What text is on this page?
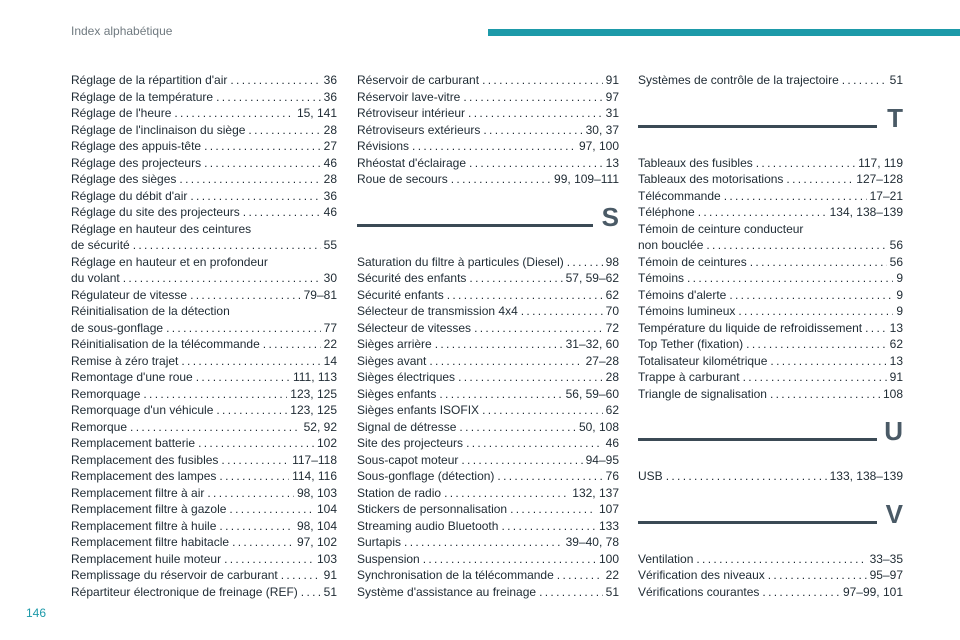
Index alphabétique
Réglage de la répartition d'air . . .	36
Réglage de la température . . .	36
Réglage de l'heure . . .	15, 141
Réglage de l'inclinaison du siège . . .	28
Réglage des appuis-tête . . .	27
Réglage des projecteurs . . .	46
Réglage des sièges . . .	28
Réglage du débit d'air . . .	36
Réglage du site des projecteurs . . .	46
Réglage en hauteur des ceintures
de sécurité . . .	55
Réglage en hauteur et en profondeur
du volant . . .	30
Régulateur de vitesse . . .	79–81
Réinitialisation de la détection
de sous-gonflage . . .	77
Réinitialisation de la télécommande . . .	22
Remise à zéro trajet . . .	14
Remontage d'une roue . . .	111, 113
Remorquage . . .	123, 125
Remorquage d'un véhicule . . .	123, 125
Remorque . . .	52, 92
Remplacement batterie . . .	102
Remplacement des fusibles . . .	117–118
Remplacement des lampes . . .	114, 116
Remplacement filtre à air . . .	98, 103
Remplacement filtre à gazole . . .	104
Remplacement filtre à huile . . .	98, 104
Remplacement filtre habitacle . . .	97, 102
Remplacement huile moteur . . .	103
Remplissage du réservoir de carburant . . .	91
Répartiteur électronique de freinage (REF) . . . 51
Réservoir de carburant . . .	91
Réservoir lave-vitre . . .	97
Rétroviseur intérieur . . .	31
Rétroviseurs extérieurs . . .	30, 37
Révisions . . .	97, 100
Rhéostat d'éclairage . . .	13
Roue de secours . . .	99, 109–111
S
Saturation du filtre à particules (Diesel) . . .	98
Sécurité des enfants . . .	57, 59–62
Sécurité enfants . . .	62
Sélecteur de transmission 4x4 . . .	70
Sélecteur de vitesses . . .	72
Sièges arrière . . .	31–32, 60
Sièges avant . . .	27–28
Sièges électriques . . .	28
Sièges enfants . . .	56, 59–60
Sièges enfants ISOFIX . . .	62
Signal de détresse . . .	50, 108
Site des projecteurs . . .	46
Sous-capot moteur . . .	94–95
Sous-gonflage (détection) . . .	76
Station de radio . . .	132, 137
Stickers de personnalisation . . .	107
Streaming audio Bluetooth . . .	133
Surtapis . . .	39–40, 78
Suspension . . .	100
Synchronisation de la télécommande . . .	22
Système d'assistance au freinage . . .	51
Systèmes de contrôle de la trajectoire . . .	51
T
Tableaux des fusibles . . .	117, 119
Tableaux des motorisations . . .	127–128
Télécommande . . .	17–21
Téléphone . . .	134, 138–139
Témoin de ceinture conducteur
non bouclée . . .	56
Témoin de ceintures . . .	56
Témoins . . .	9
Témoins d'alerte . . .	9
Témoins lumineux . . .	9
Température du liquide de refroidissement . . . 13
Top Tether (fixation) . . .	62
Totalisateur kilométrique . . .	13
Trappe à carburant . . .	91
Triangle de signalisation . . .	108
U
USB . . .	133, 138–139
V
Ventilation . . .	33–35
Vérification des niveaux . . .	95–97
Vérifications courantes . . .	97–99, 101
146
